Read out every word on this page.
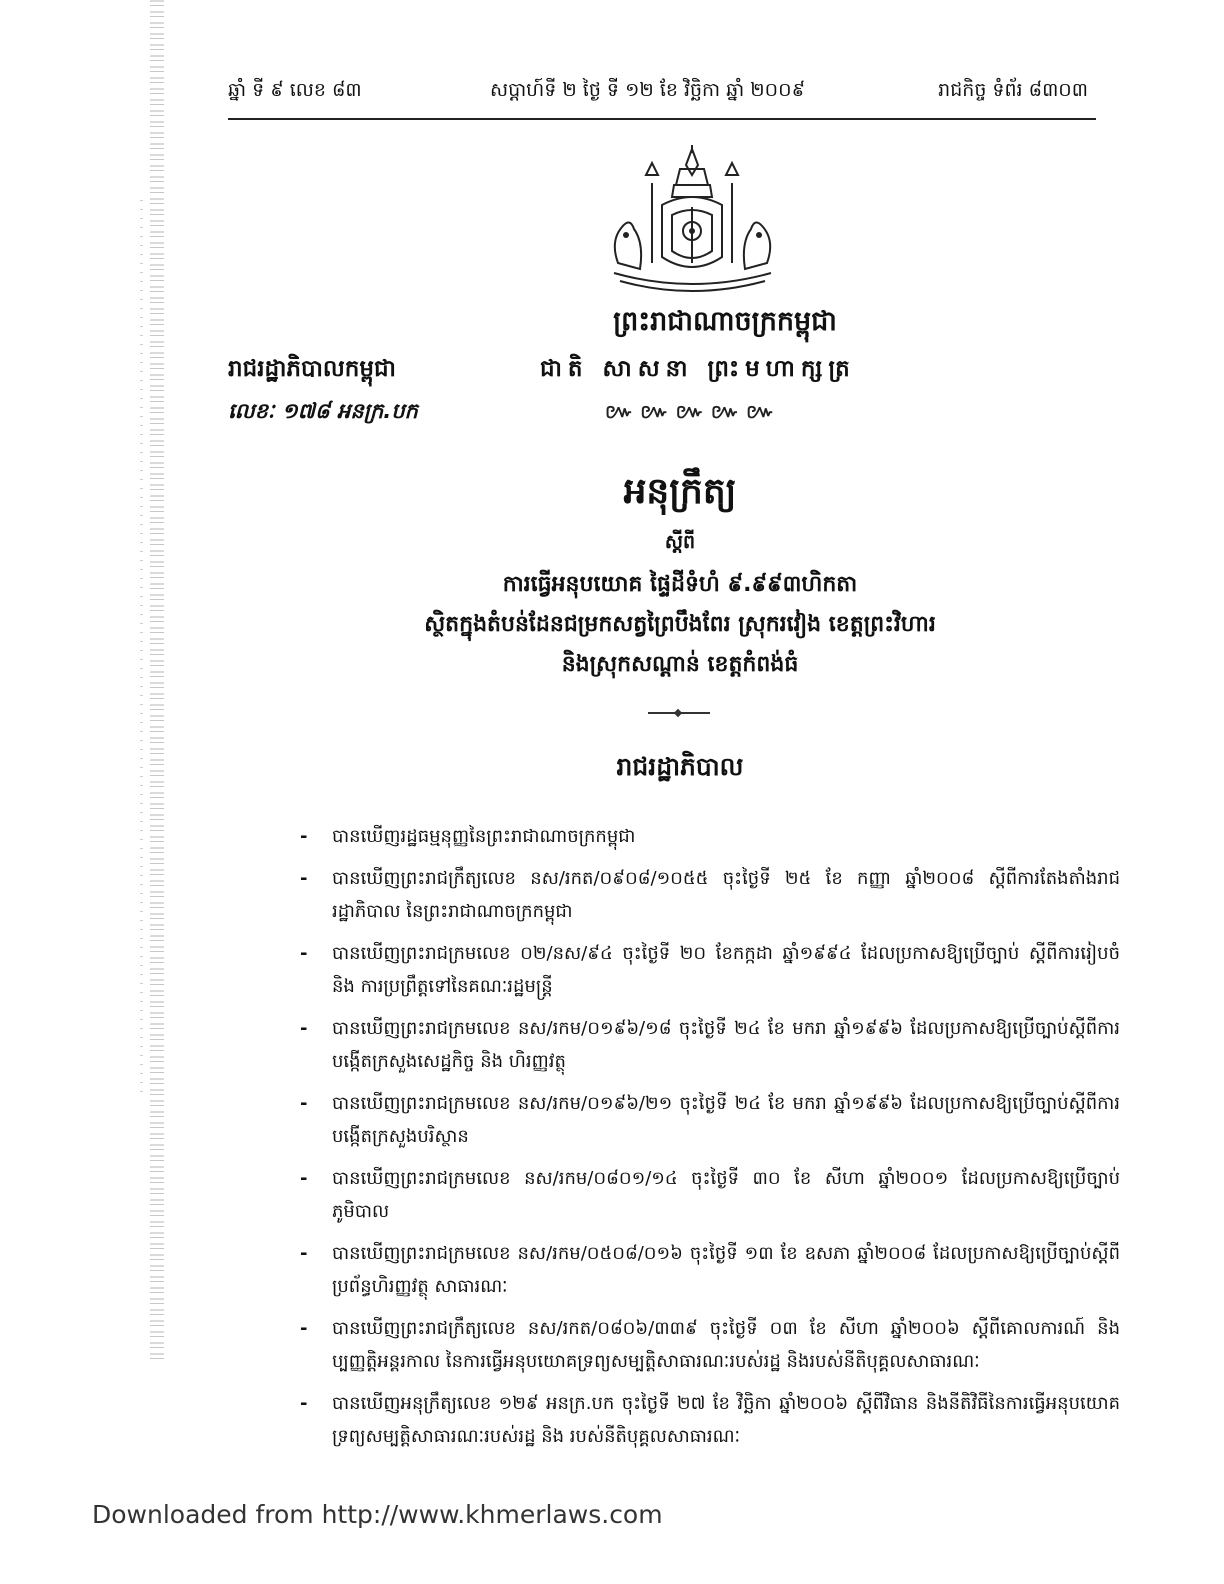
ឆ្នាំ ទី ៩ លេខ ៨៣	សប្តាហ៍ទី ២ ថ្ងៃ ទី ១២ ខែ វិច្ឆិកា ឆ្នាំ ២០០៩	រាជកិច្ច ទំព័រ ៨៣០៣
ព្រះរាជាណាចក្រកម្ពុជា
រាជរដ្ឋាភិបាលកម្ពុជា	ជាតិ សាសនា ព្រះមហាក្សត្រ
លេខៈ ១៧៨ អនក្រ.បក	៚ ៚ ៚ ៚ ៚
អនុក្រឹត្យ
ស្តីពី
ការធ្វើអនុបយោគ ផ្ទៃដីទំហំ ៩.៩៩៣ហិកតា
ស្ថិតក្នុងតំបន់ដែនជម្រកសត្វព្រៃបឹងពែរ ស្រុករវៀង ខេត្តព្រះវិហារ
និងស្រុកសណ្តាន់ ខេត្តកំពង់ធំ
រាជរដ្ឋាភិបាល
- បានឃើញរដ្ឋធម្មនុញ្ញនៃព្រះរាជាណាចក្រកម្ពុជា
- បានឃើញព្រះរាជក្រឹត្យលេខ នស/រកត/០៩០៨/១០៥៥ ចុះថ្ងៃទី ២៥ ខែ កញ្ញា ឆ្នាំ២០០៨ ស្តីពីការតែងតាំងរាជរដ្ឋាភិបាល នៃព្រះរាជាណាចក្រកម្ពុជា
- បានឃើញព្រះរាជក្រមលេខ ០២/នស/៩៤ ចុះថ្ងៃទី ២០ ខែកក្កដា ឆ្នាំ១៩៩៤ ដែលប្រកាសឱ្យប្រើច្បាប់ ស្តីពីការរៀបចំ និង ការប្រព្រឹត្តទៅនៃគណៈរដ្ឋមន្ត្រី
- បានឃើញព្រះរាជក្រមលេខ នស/រកម/០១៩៦/១៨ ចុះថ្ងៃទី ២៤ ខែ មករា ឆ្នាំ១៩៩៦ ដែលប្រកាសឱ្យប្រើច្បាប់ស្តីពីការបង្កើតក្រសួងសេដ្ឋកិច្ច និង ហិរញ្ញវត្ថុ
- បានឃើញព្រះរាជក្រមលេខ នស/រកម/០១៩៦/២១ ចុះថ្ងៃទី ២៤ ខែ មករា ឆ្នាំ១៩៩៦ ដែលប្រកាសឱ្យប្រើច្បាប់ស្តីពីការបង្កើតក្រសួងបរិស្ថាន
- បានឃើញព្រះរាជក្រមលេខ នស/រកម/០៨០១/១៤ ចុះថ្ងៃទី ៣០ ខែ សីហា ឆ្នាំ២០០១ ដែលប្រកាសឱ្យប្រើច្បាប់ភូមិបាល
- បានឃើញព្រះរាជក្រមលេខ នស/រកម/០៥០៨/០១៦ ចុះថ្ងៃទី ១៣ ខែ ឧសភា ឆ្នាំ២០០៨ ដែលប្រកាសឱ្យប្រើច្បាប់ស្តីពីប្រព័ន្ធហិរញ្ញវត្ថុ សាធារណៈ
- បានឃើញព្រះរាជក្រឹត្យលេខ នស/រកត/០៨០៦/៣៣៩ ចុះថ្ងៃទី ០៣ ខែ សីហា ឆ្នាំ២០០៦ ស្តីពីគោលការណ៍ និង ប្បញ្ញត្តិអន្តរកាល នៃការធ្វើអនុបយោគទ្រព្យសម្បត្តិសាធារណៈរបស់រដ្ឋ និងរបស់នីតិបុគ្គលសាធារណៈ
- បានឃើញអនុក្រឹត្យលេខ ១២៩ អនក្រ.បក ចុះថ្ងៃទី ២៧ ខែ វិច្ឆិកា ឆ្នាំ២០០៦ ស្តីពីវិធាន និងនីតិវិធីនៃការធ្វើអនុបយោគទ្រព្យសម្បត្តិសាធារណៈរបស់រដ្ឋ និង របស់នីតិបុគ្គលសាធារណៈ
Downloaded from http://www.khmerlaws.com
